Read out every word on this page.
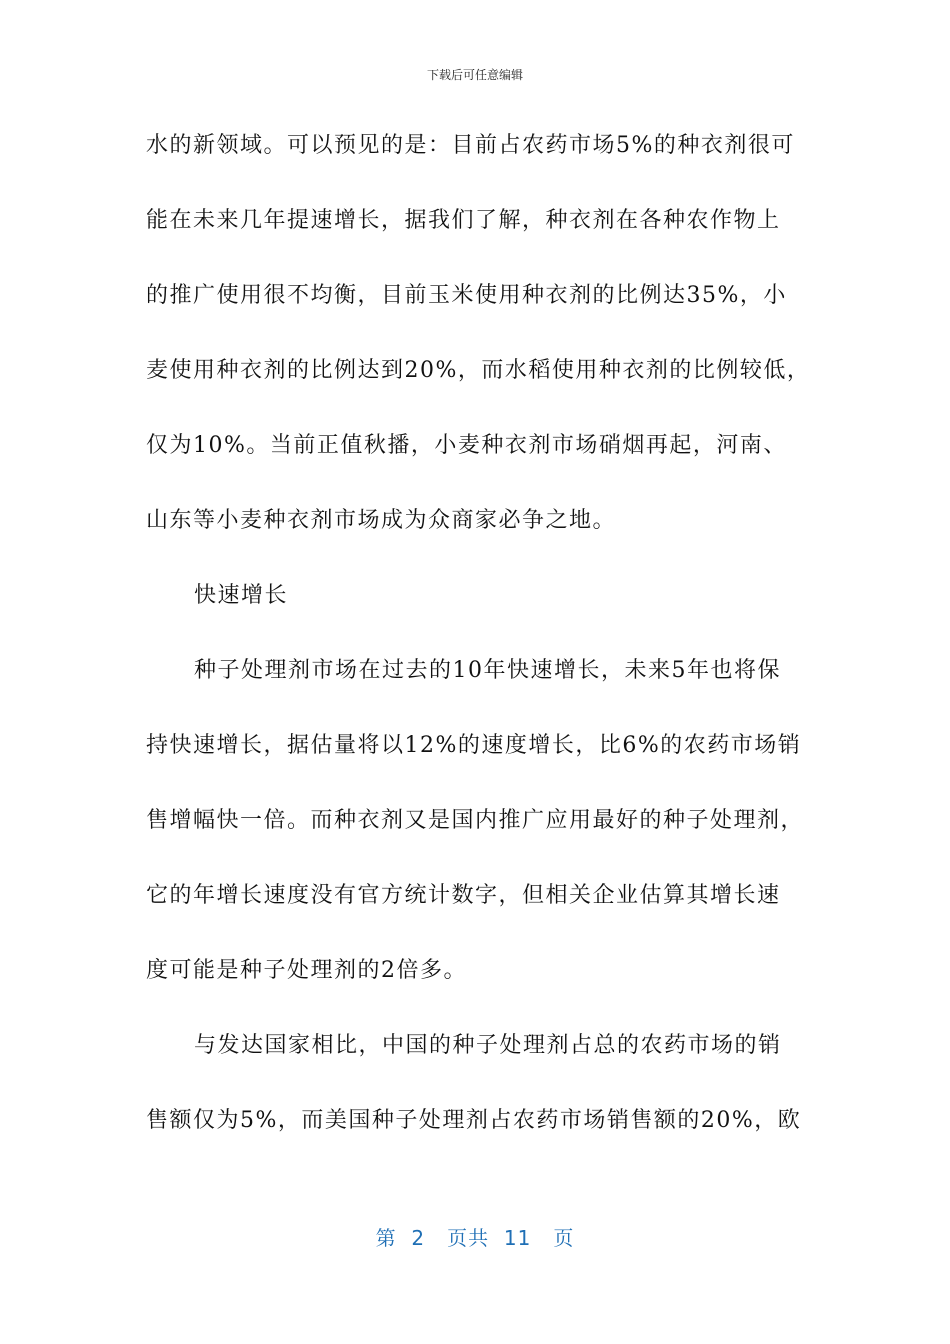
下载后可任意编辑
水的新领域。可以预见的是：目前占农药市场5%的种衣剂很可
能在未来几年提速增长，据我们了解，种衣剂在各种农作物上
的推广使用很不均衡，目前玉米使用种衣剂的比例达35%，小
麦使用种衣剂的比例达到20%，而水稻使用种衣剂的比例较低，
仅为10%。当前正值秋播，小麦种衣剂市场硝烟再起，河南、
山东等小麦种衣剂市场成为众商家必争之地。
快速增长
种子处理剂市场在过去的10年快速增长，未来5年也将保
持快速增长，据估量将以12%的速度增长，比6%的农药市场销
售增幅快一倍。而种衣剂又是国内推广应用最好的种子处理剂，
它的年增长速度没有官方统计数字，但相关企业估算其增长速
度可能是种子处理剂的2倍多。
与发达国家相比，中国的种子处理剂占总的农药市场的销
售额仅为5%，而美国种子处理剂占农药市场销售额的20%，欧
第  2   页共  11   页
